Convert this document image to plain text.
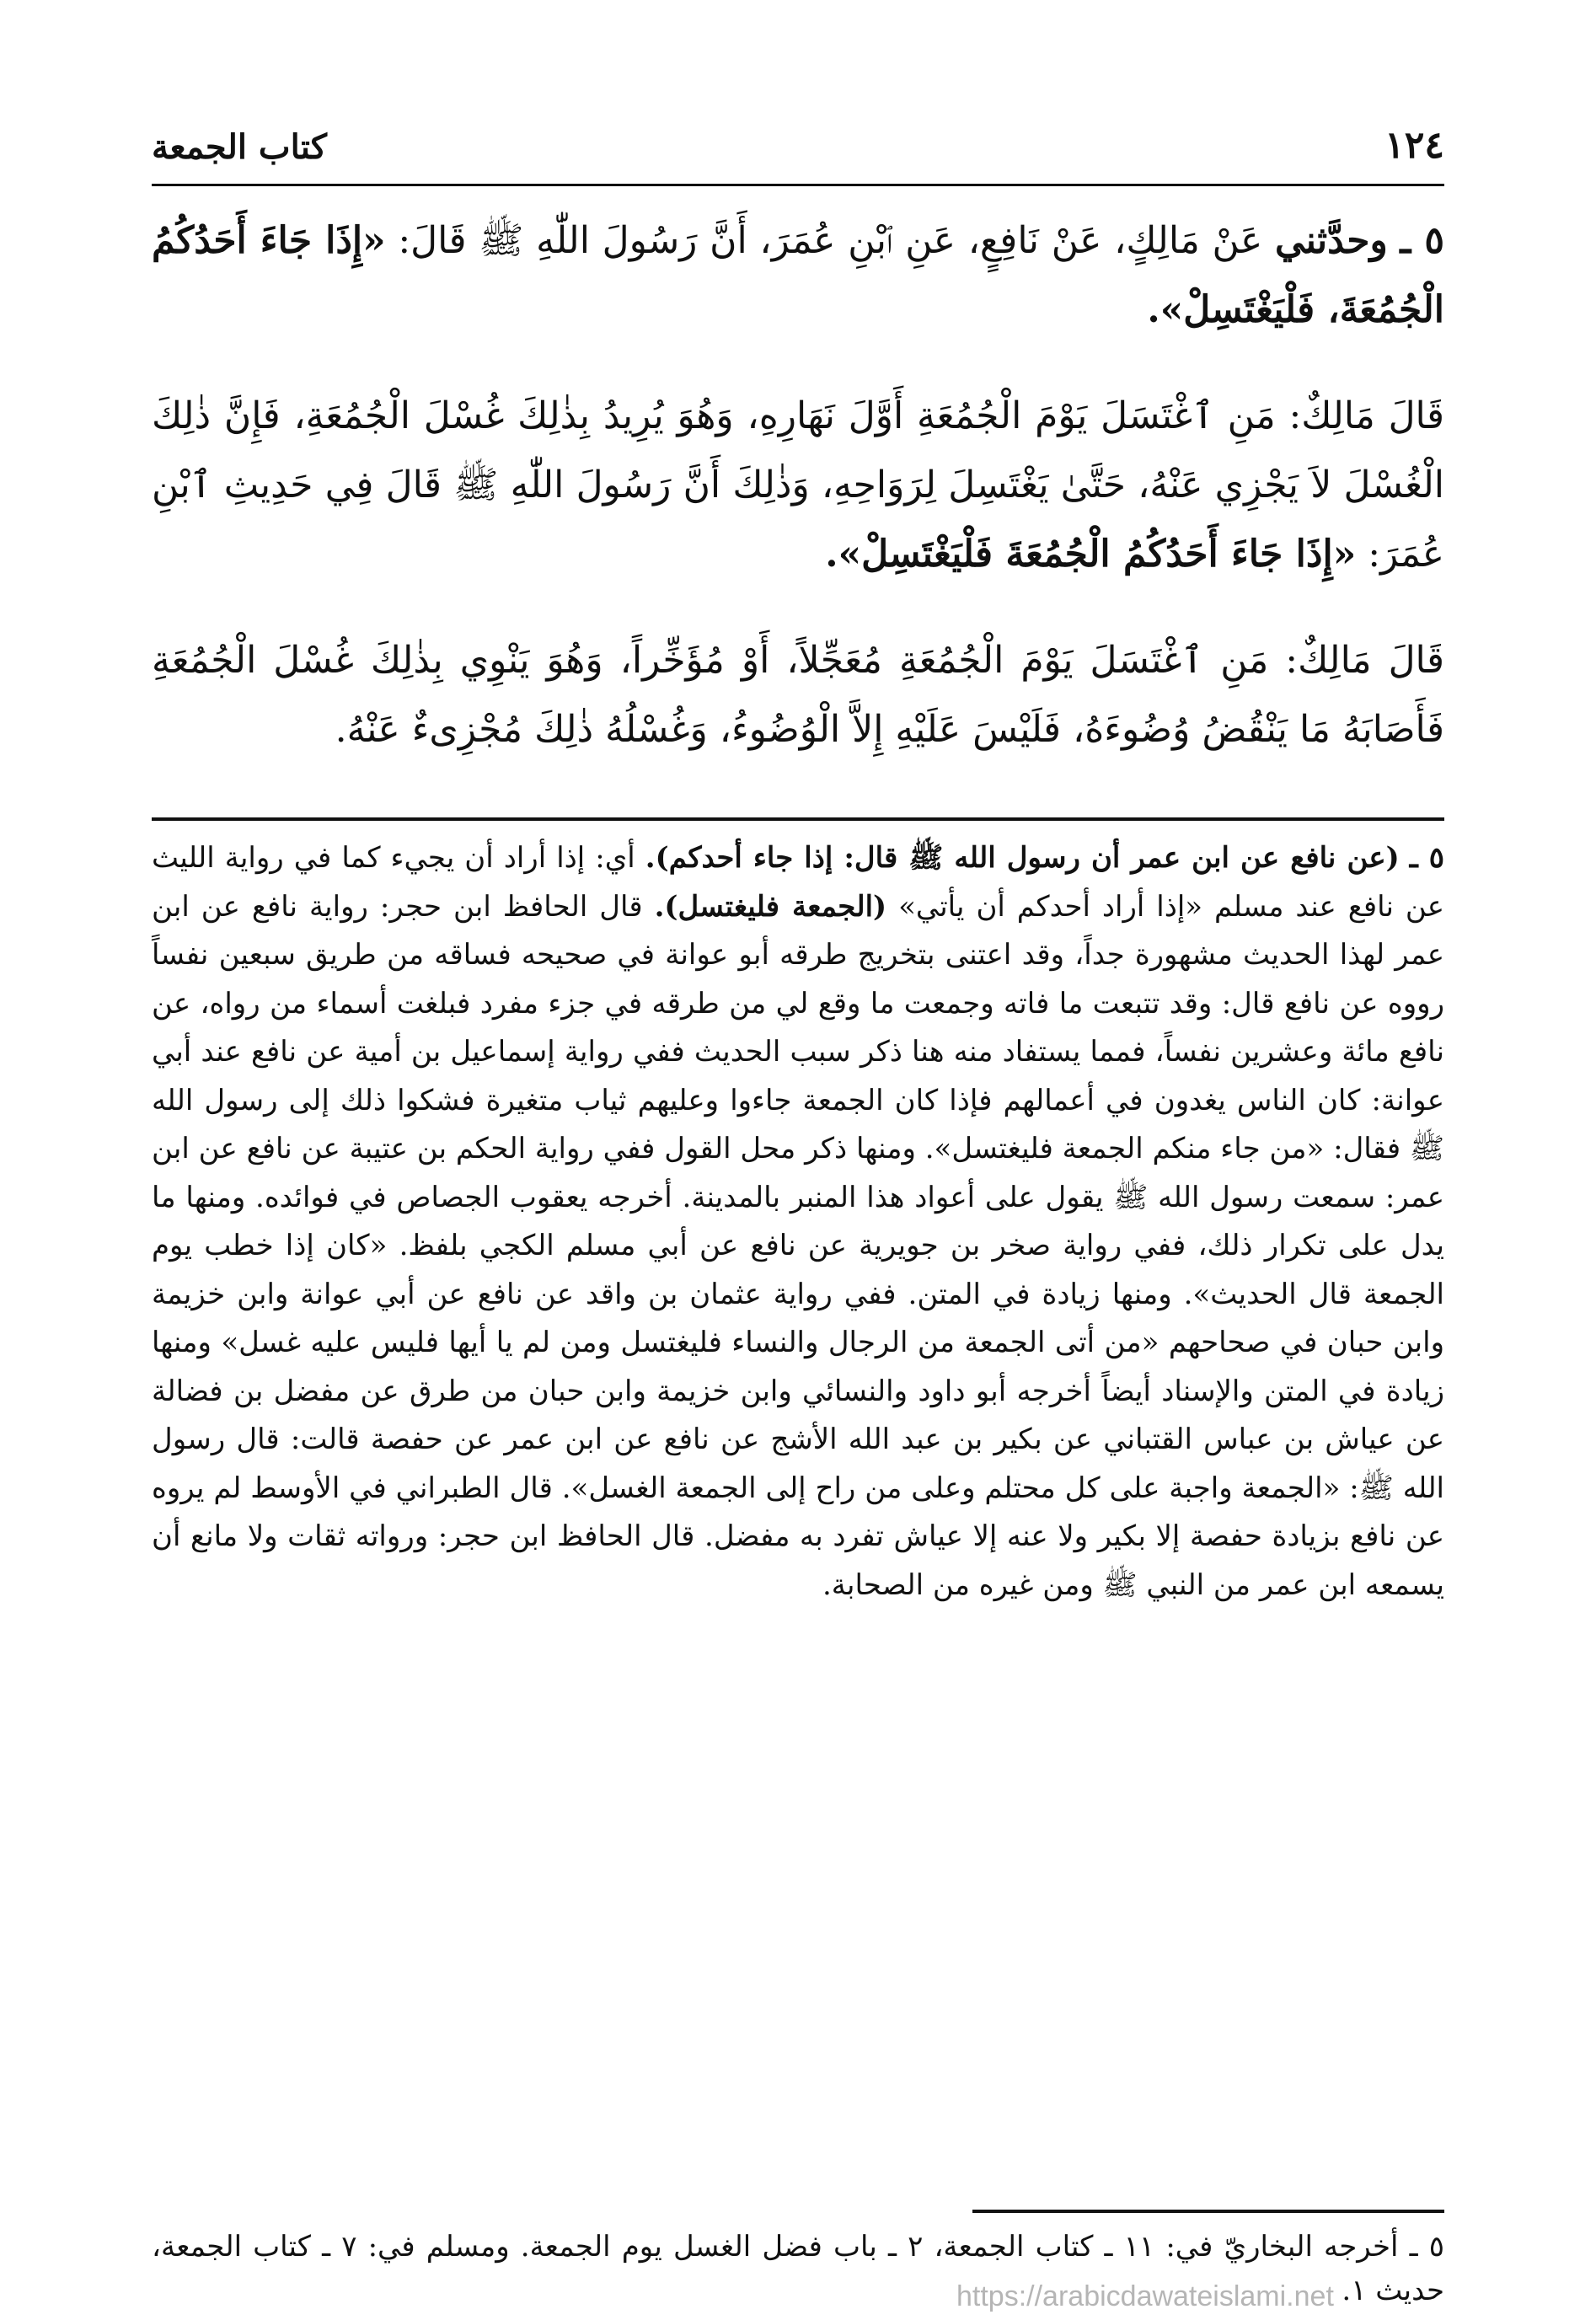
١٢٤
كتاب الجمعة

٥ ـ وحدَّثني عَنْ مَالِكٍ، عَنْ نَافِعٍ، عَنِ ٱبْنِ عُمَرَ، أَنَّ رَسُولَ اللّٰهِ ﷺ قَالَ: «إِذَا جَاءَ أَحَدُكُمُ الْجُمُعَةَ، فَلْيَغْتَسِلْ».

قَالَ مَالِكٌ: مَنِ ٱغْتَسَلَ يَوْمَ الْجُمُعَةِ أَوَّلَ نَهَارِهِ، وَهُوَ يُرِيدُ بِذٰلِكَ غُسْلَ الْجُمُعَةِ، فَإِنَّ ذٰلِكَ الْغُسْلَ لاَ يَجْزِي عَنْهُ، حَتَّىٰ يَغْتَسِلَ لِرَوَاحِهِ، وَذٰلِكَ أَنَّ رَسُولَ اللّٰهِ ﷺ قَالَ فِي حَدِيثِ ٱبْنِ عُمَرَ: «إِذَا جَاءَ أَحَدُكُمُ الْجُمُعَةَ فَلْيَغْتَسِلْ».

قَالَ مَالِكٌ: مَنِ ٱغْتَسَلَ يَوْمَ الْجُمُعَةِ مُعَجِّلاً، أَوْ مُؤَخِّراً، وَهُوَ يَنْوِي بِذٰلِكَ غُسْلَ الْجُمُعَةِ فَأَصَابَهُ مَا يَنْقُضُ وُضُوءَهُ، فَلَيْسَ عَلَيْهِ إِلاَّ الْوُضُوءُ، وَغُسْلُهُ ذٰلِكَ مُجْزِىءٌ عَنْهُ.

٥ ـ (عن نافع عن ابن عمر أن رسول الله ﷺ قال: إذا جاء أحدكم). أي: إذا أراد أن يجيء كما في رواية الليث عن نافع عند مسلم «إذا أراد أحدكم أن يأتي» (الجمعة فليغتسل). قال الحافظ ابن حجر: رواية نافع عن ابن عمر لهذا الحديث مشهورة جداً، وقد اعتنى بتخريج طرقه أبو عوانة في صحيحه فساقه من طريق سبعين نفساً رووه عن نافع قال: وقد تتبعت ما فاته وجمعت ما وقع لي من طرقه في جزء مفرد فبلغت أسماء من رواه، عن نافع مائة وعشرين نفساً، فمما يستفاد منه هنا ذكر سبب الحديث ففي رواية إسماعيل بن أمية عن نافع عند أبي عوانة: كان الناس يغدون في أعمالهم فإذا كان الجمعة جاءوا وعليهم ثياب متغيرة فشكوا ذلك إلى رسول الله ﷺ فقال: «من جاء منكم الجمعة فليغتسل». ومنها ذكر محل القول ففي رواية الحكم بن عتيبة عن نافع عن ابن عمر: سمعت رسول الله ﷺ يقول على أعواد هذا المنبر بالمدينة. أخرجه يعقوب الجصاص في فوائده. ومنها ما يدل على تكرار ذلك، ففي رواية صخر بن جويرية عن نافع عن أبي مسلم الكجي بلفظ. «كان إذا خطب يوم الجمعة قال الحديث». ومنها زيادة في المتن. ففي رواية عثمان بن واقد عن نافع عن أبي عوانة وابن خزيمة وابن حبان في صحاحهم «من أتى الجمعة من الرجال والنساء فليغتسل ومن لم يا أيها فليس عليه غسل» ومنها زيادة في المتن والإسناد أيضاً أخرجه أبو داود والنسائي وابن خزيمة وابن حبان من طرق عن مفضل بن فضالة عن عياش بن عباس القتباني عن بكير بن عبد الله الأشج عن نافع عن ابن عمر عن حفصة قالت: قال رسول الله ﷺ: «الجمعة واجبة على كل محتلم وعلى من راح إلى الجمعة الغسل». قال الطبراني في الأوسط لم يروه عن نافع بزيادة حفصة إلا بكير ولا عنه إلا عياش تفرد به مفضل. قال الحافظ ابن حجر: ورواته ثقات ولا مانع أن يسمعه ابن عمر من النبي ﷺ ومن غيره من الصحابة.

٥ ـ أخرجه البخاريّ في: ١١ ـ كتاب الجمعة، ٢ ـ باب فضل الغسل يوم الجمعة. ومسلم في: ٧ ـ كتاب الجمعة، حديث ١.
https://arabicdawateislami.net
